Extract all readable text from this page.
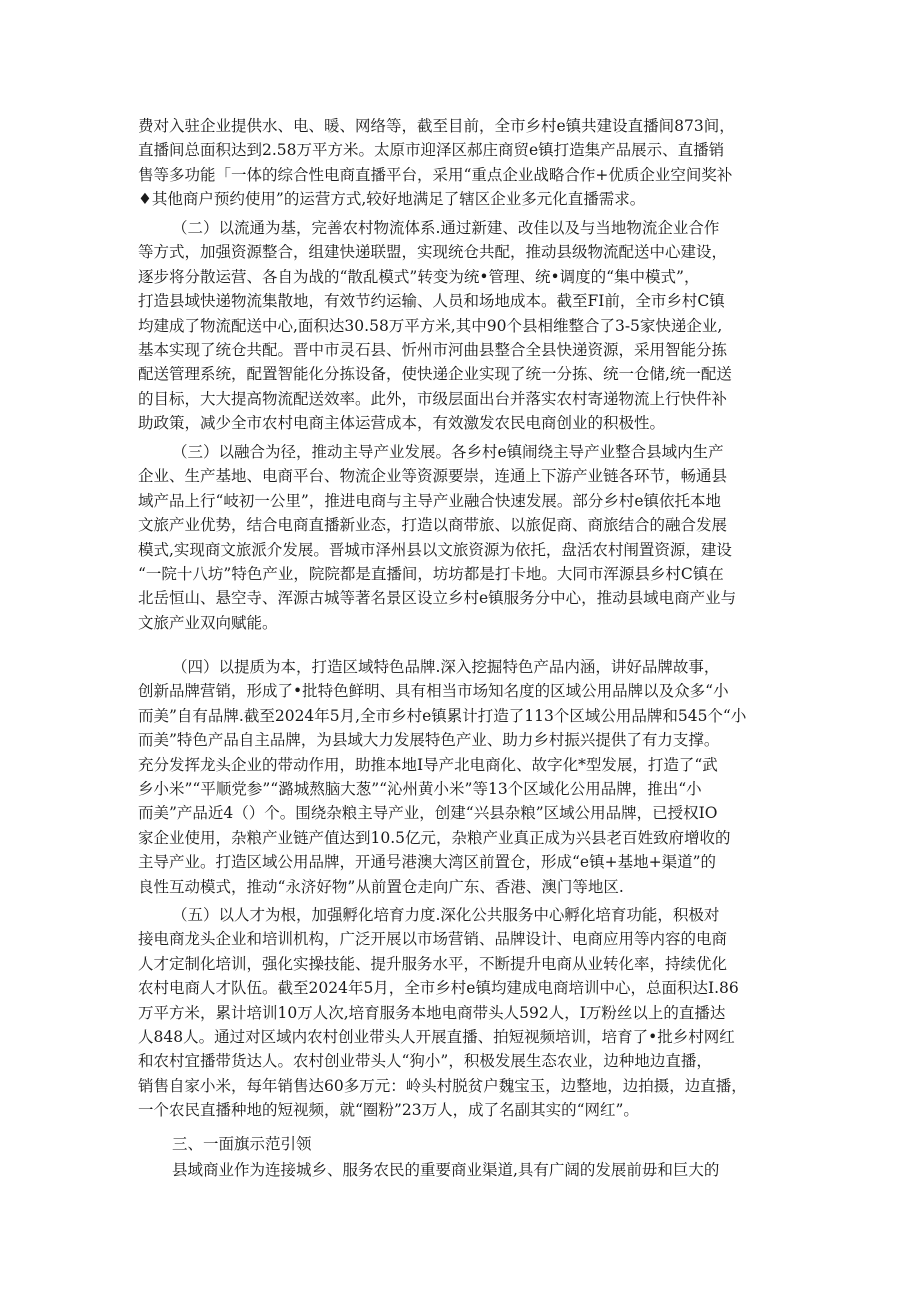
费对入驻企业提供水、电、暖、网络等，截至目前，全市乡村e镇共建设直播间873间，
直播间总面积达到2.58万平方米。太原市迎泽区郝庄商贸e镇打造集产品展示、直播销
售等多功能「一体的综合性电商直播平台，采用“重点企业战略合作+优质企业空间奖补
♦其他商户预约使用”的运营方式,较好地满足了辖区企业多元化直播需求。
（二）以流通为基，完善农村物流体系.通过新建、改佳以及与当地物流企业合作
等方式，加强资源整合，组建快递联盟，实现统仓共配，推动县级物流配送中心建设，
逐步将分散运营、各自为战的“散乱模式”转变为统•管理、统•调度的“集中模式”，
打造县域快递物流集散地，有效节约运输、人员和场地成本。截至FI前，全市乡村C镇
均建成了物流配送中心,面积达30.58万平方米,其中90个县相维整合了3-5家快递企业,
基本实现了统仓共配。晋中市灵石县、忻州市河曲县整合全县快递资源，采用智能分拣
配送管理系统，配置智能化分拣设备，使快递企业实现了统一分拣、统一仓储,统一配送
的目标，大大提高物流配送效率。此外，市级层面出台并落实农村寄递物流上行快件补
助政策，减少全市农村电商主体运营成本，有效激发农民电商创业的积极性。
（三）以融合为径，推动主导产业发展。各乡村e镇闹绕主导产业整合县域内生产
企业、生产基地、电商平台、物流企业等资源要崇，连通上下游产业链各环节，畅通县
域产品上行“岐初一公里”，推进电商与主导产业融合快速发展。部分乡村e镇依托本地
文旅产业优势，结合电商直播新业态，打造以商带旅、以旅促商、商旅结合的融合发展
模式,实现商文旅派介发展。晋城市泽州县以文旅资源为依托，盘活农村闱置资源，建设
“一院十八坊”特色产业，院院都是直播间，坊坊都是打卡地。大同市浑源县乡村C镇在
北岳恒山、悬空寺、浑源古城等著名景区设立乡村e镇服务分中心，推动县域电商产业与
文旅产业双向赋能。
（四）以提质为本，打造区域特色品牌.深入挖掘特色产品内涵，讲好品牌故事，
创新品牌营销，形成了•批特色鲜明、具有相当市场知名度的区域公用品牌以及众多“小
而美”自有品牌.截至2024年5月,全市乡村e镇累计打造了113个区域公用品牌和545个“小
而美”特色产品自主品牌，为县域大力发展特色产业、助力乡村振兴提供了有力支撑。
充分发挥龙头企业的带动作用，助推本地I导产北电商化、故字化*型发展，打造了“武
乡小米”“平顺党参”“潞城熬脑大葱”“沁州黄小米”等13个区域化公用品牌，推出“小
而美”产品近4（）个。围绕杂粮主导产业，创建“兴县杂粮”区域公用品牌，已授权IO
家企业使用，杂粮产业链产值达到10.5亿元，杂粮产业真正成为兴县老百姓致府增收的
主导产业。打造区域公用品牌，开通号港澳大湾区前置仓，形成“e镇+基地+渠道”的
良性互动模式，推动“永济好物”从前置仓走向广东、香港、澳门等地区.
（五）以人才为根，加强孵化培育力度.深化公共服务中心孵化培育功能，积极对
接电商龙头企业和培训机构，广泛开展以市场营销、品牌设计、电商应用等内容的电商
人才定制化培训，强化实操技能、提升服务水平，不断提升电商从业转化率，持续优化
农村电商人才队伍。截至2024年5月，全市乡村e镇均建成电商培训中心，总面积达I.86
万平方米，累计培训10万人次,培育服务本地电商带头人592人，I万粉丝以上的直播达
人848人。通过对区域内农村创业带头人开展直播、拍短视频培训，培育了•批乡村网红
和农村宜播带货达人。农村创业带头人“狗小”，积极发展生态农业，边种地边直播，
销售自家小米，每年销售达60多万元：岭头村脱贫户魏宝玉，边整地，边拍摄，边直播，
一个农民直播种地的短视频，就“圈粉”23万人，成了名副其实的“网红”。
三、一面旗示范引领
县域商业作为连接城乡、服务农民的重要商业渠道,具有广阔的发展前毋和巨大的
